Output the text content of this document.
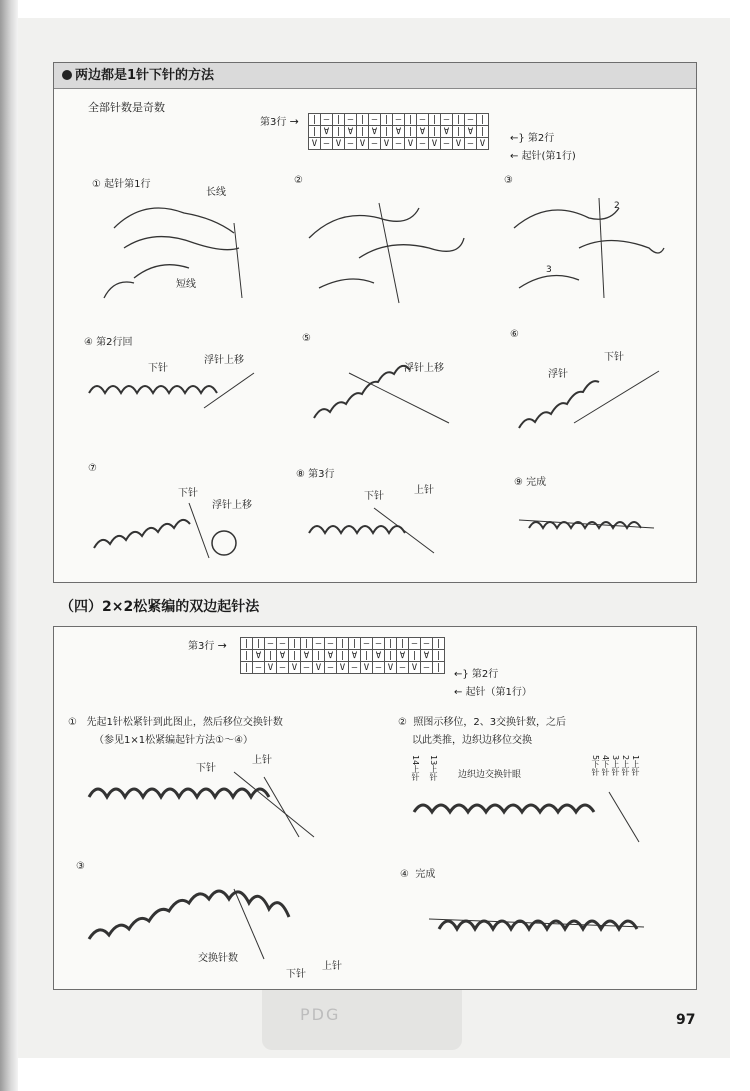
两边都是1针下针的方法
全部针数是奇数
第3行 → |	—	|	—	|	—	|	—	|	—	|	—	|	—	|
|	∀	|	∀	|	∀	|	∀	|	∀	|	∀	|	∀	|
V	—	V	—	V	—	V	—	V	—	V	—	V	—	V ←} 第2行
← 起针(第1行)
① 起针第1行
长线
短线
②	③
2
3
④ 第2行回
下针
浮针上移
⑤
浮针上移
⑥
下针
浮针
⑦
下针
浮针上移
⑧ 第3行
下针
上针
⑨ 完成
（四）2×2松紧编的双边起针法
第3行 → |	|	—	—	|	|	—	—	|	|	—	—	|	|	—	—	|
|	∀	|	∀	|	∀	|	∀	|	∀	|	∀	|	∀	|	∀	|
|	—	V	—	V	—	V	—	V	—	V	—	V	—	V	—	|
←} 第2行
← 起针（第1行）
① 先起1针松紧针到此图止，然后移位交换针数
（参见1×1松紧编起针方法①～④）
下针
上针
② 照图示移位，2、3交换针数，之后
以此类推，边织边移位交换
边织边交换针眼
14上针 13上针	5下针 4下针 3上针 2上针 1上针
③
交换针数
下针
上针
④ 完成
PDG	97
